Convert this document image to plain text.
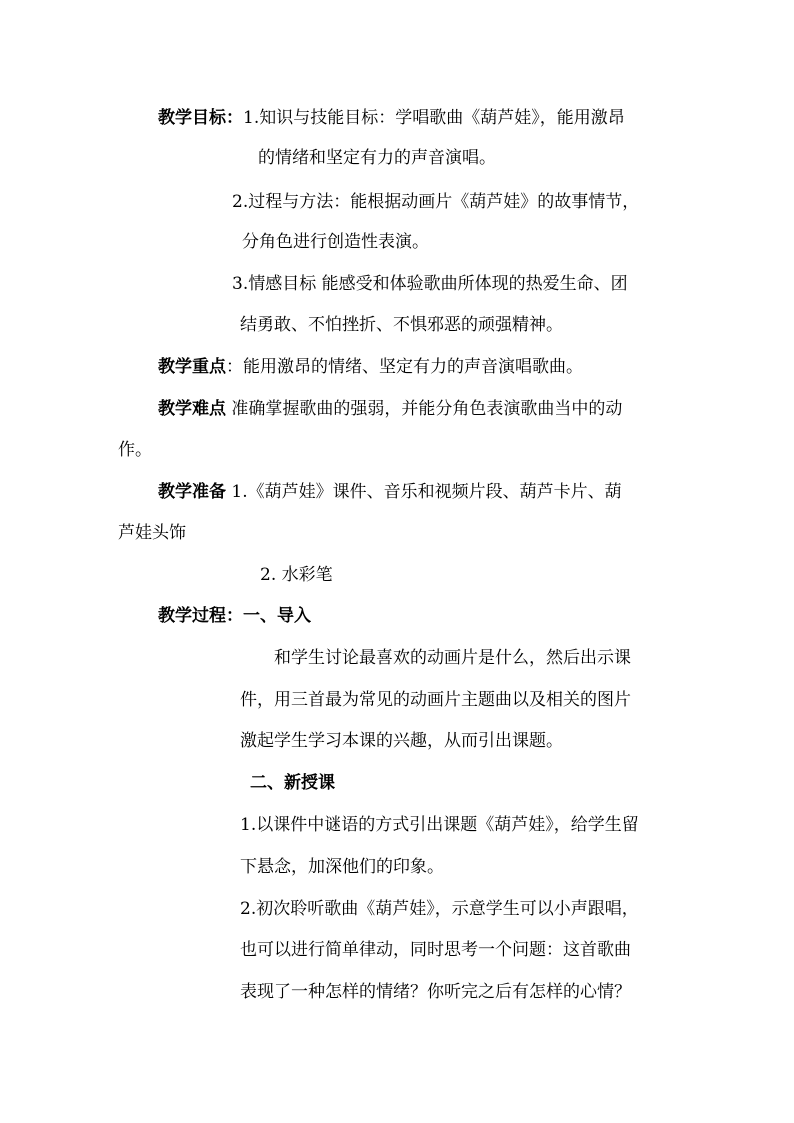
教学目标：1.知识与技能目标：学唱歌曲《葫芦娃》，能用激昂
的情绪和坚定有力的声音演唱。
2.过程与方法：能根据动画片《葫芦娃》的故事情节，
分角色进行创造性表演。
3.情感目标 能感受和体验歌曲所体现的热爱生命、团
结勇敢、不怕挫折、不惧邪恶的顽强精神。
教学重点：能用激昂的情绪、坚定有力的声音演唱歌曲。
教学难点 准确掌握歌曲的强弱，并能分角色表演歌曲当中的动
作。
教学准备 1.《葫芦娃》课件、音乐和视频片段、葫芦卡片、葫
芦娃头饰
2. 水彩笔
教学过程：一、导入
和学生讨论最喜欢的动画片是什么，然后出示课
件，用三首最为常见的动画片主题曲以及相关的图片
激起学生学习本课的兴趣，从而引出课题。
二、新授课
1.以课件中谜语的方式引出课题《葫芦娃》，给学生留
下悬念，加深他们的印象。
2.初次聆听歌曲《葫芦娃》，示意学生可以小声跟唱，
也可以进行简单律动，同时思考一个问题：这首歌曲
表现了一种怎样的情绪？你听完之后有怎样的心情？
